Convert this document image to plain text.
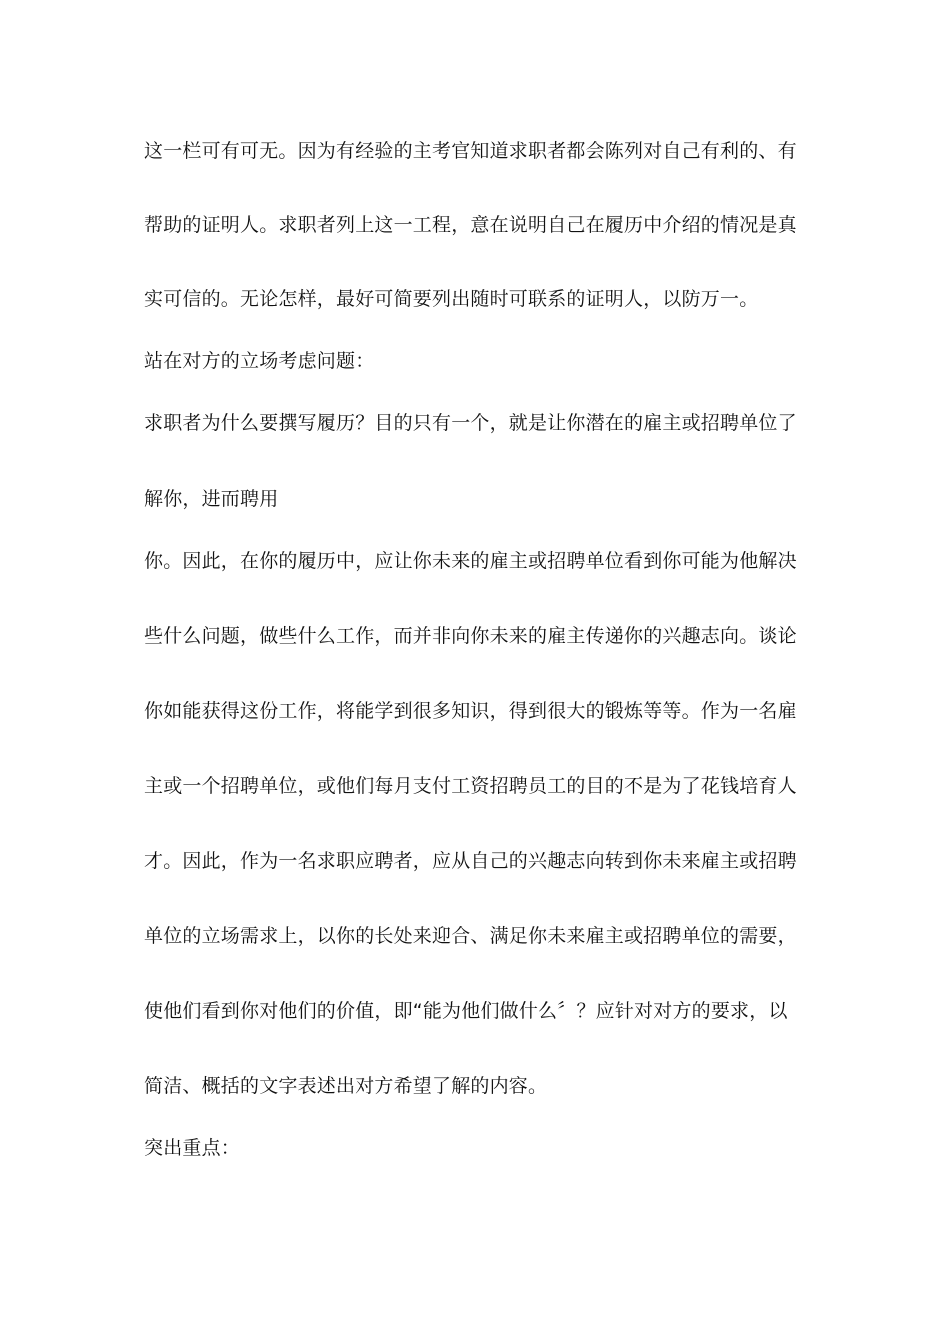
这一栏可有可无。因为有经验的主考官知道求职者都会陈列对自己有利的、有
帮助的证明人。求职者列上这一工程，意在说明自己在履历中介绍的情况是真
实可信的。无论怎样，最好可简要列出随时可联系的证明人，以防万一。
站在对方的立场考虑问题：
求职者为什么要撰写履历？目的只有一个，就是让你潜在的雇主或招聘单位了
解你，进而聘用
你。因此，在你的履历中，应让你未来的雇主或招聘单位看到你可能为他解决
些什么问题，做些什么工作，而并非向你未来的雇主传递你的兴趣志向。谈论
你如能获得这份工作，将能学到很多知识，得到很大的锻炼等等。作为一名雇
主或一个招聘单位，或他们每月支付工资招聘员工的目的不是为了花钱培育人
才。因此，作为一名求职应聘者，应从自己的兴趣志向转到你未来雇主或招聘
单位的立场需求上，以你的长处来迎合、满足你未来雇主或招聘单位的需要，
使他们看到你对他们的价值，即“能为他们做什么〞？应针对对方的要求，以
简洁、概括的文字表述出对方希望了解的内容。
突出重点：
